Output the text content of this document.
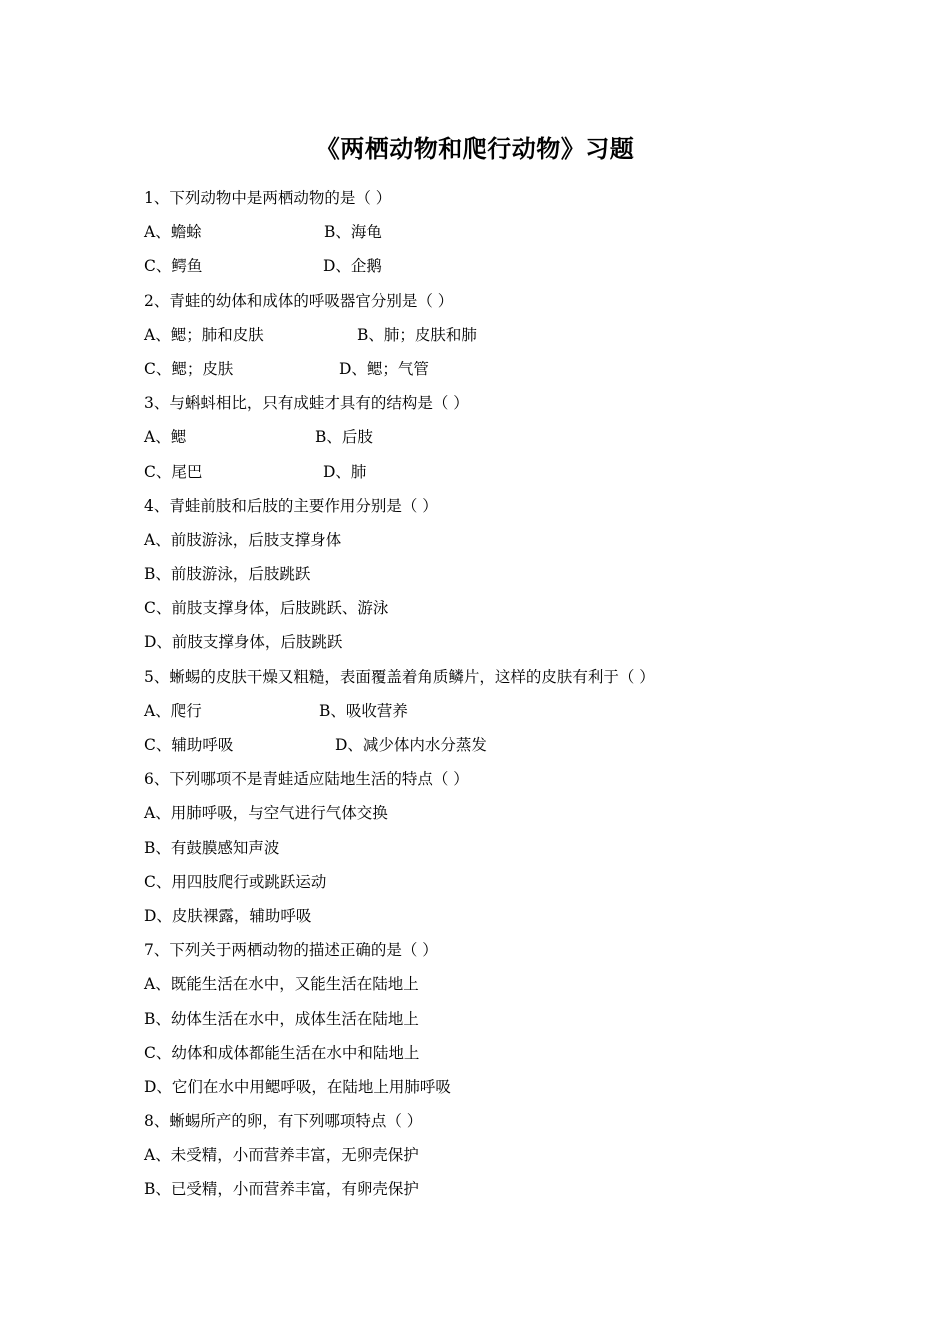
《两栖动物和爬行动物》习题
1、下列动物中是两栖动物的是（ ）
A、蟾蜍	B、海龟
C、鳄鱼	D、企鹅
2、青蛙的幼体和成体的呼吸器官分别是（ ）
A、鳃；肺和皮肤	B、肺；皮肤和肺
C、鳃；皮肤	D、鳃；气管
3、与蝌蚪相比，只有成蛙才具有的结构是（ ）
A、鳃	B、后肢
C、尾巴	D、肺
4、青蛙前肢和后肢的主要作用分别是（ ）
A、前肢游泳，后肢支撑身体
B、前肢游泳，后肢跳跃
C、前肢支撑身体，后肢跳跃、游泳
D、前肢支撑身体，后肢跳跃
5、蜥蜴的皮肤干燥又粗糙，表面覆盖着角质鳞片，这样的皮肤有利于（ ）
A、爬行	B、吸收营养
C、辅助呼吸	D、减少体内水分蒸发
6、下列哪项不是青蛙适应陆地生活的特点（ ）
A、用肺呼吸，与空气进行气体交换
B、有鼓膜感知声波
C、用四肢爬行或跳跃运动
D、皮肤裸露，辅助呼吸
7、下列关于两栖动物的描述正确的是（ ）
A、既能生活在水中，又能生活在陆地上
B、幼体生活在水中，成体生活在陆地上
C、幼体和成体都能生活在水中和陆地上
D、它们在水中用鳃呼吸，在陆地上用肺呼吸
8、蜥蜴所产的卵，有下列哪项特点（ ）
A、未受精，小而营养丰富，无卵壳保护
B、已受精，小而营养丰富，有卵壳保护
